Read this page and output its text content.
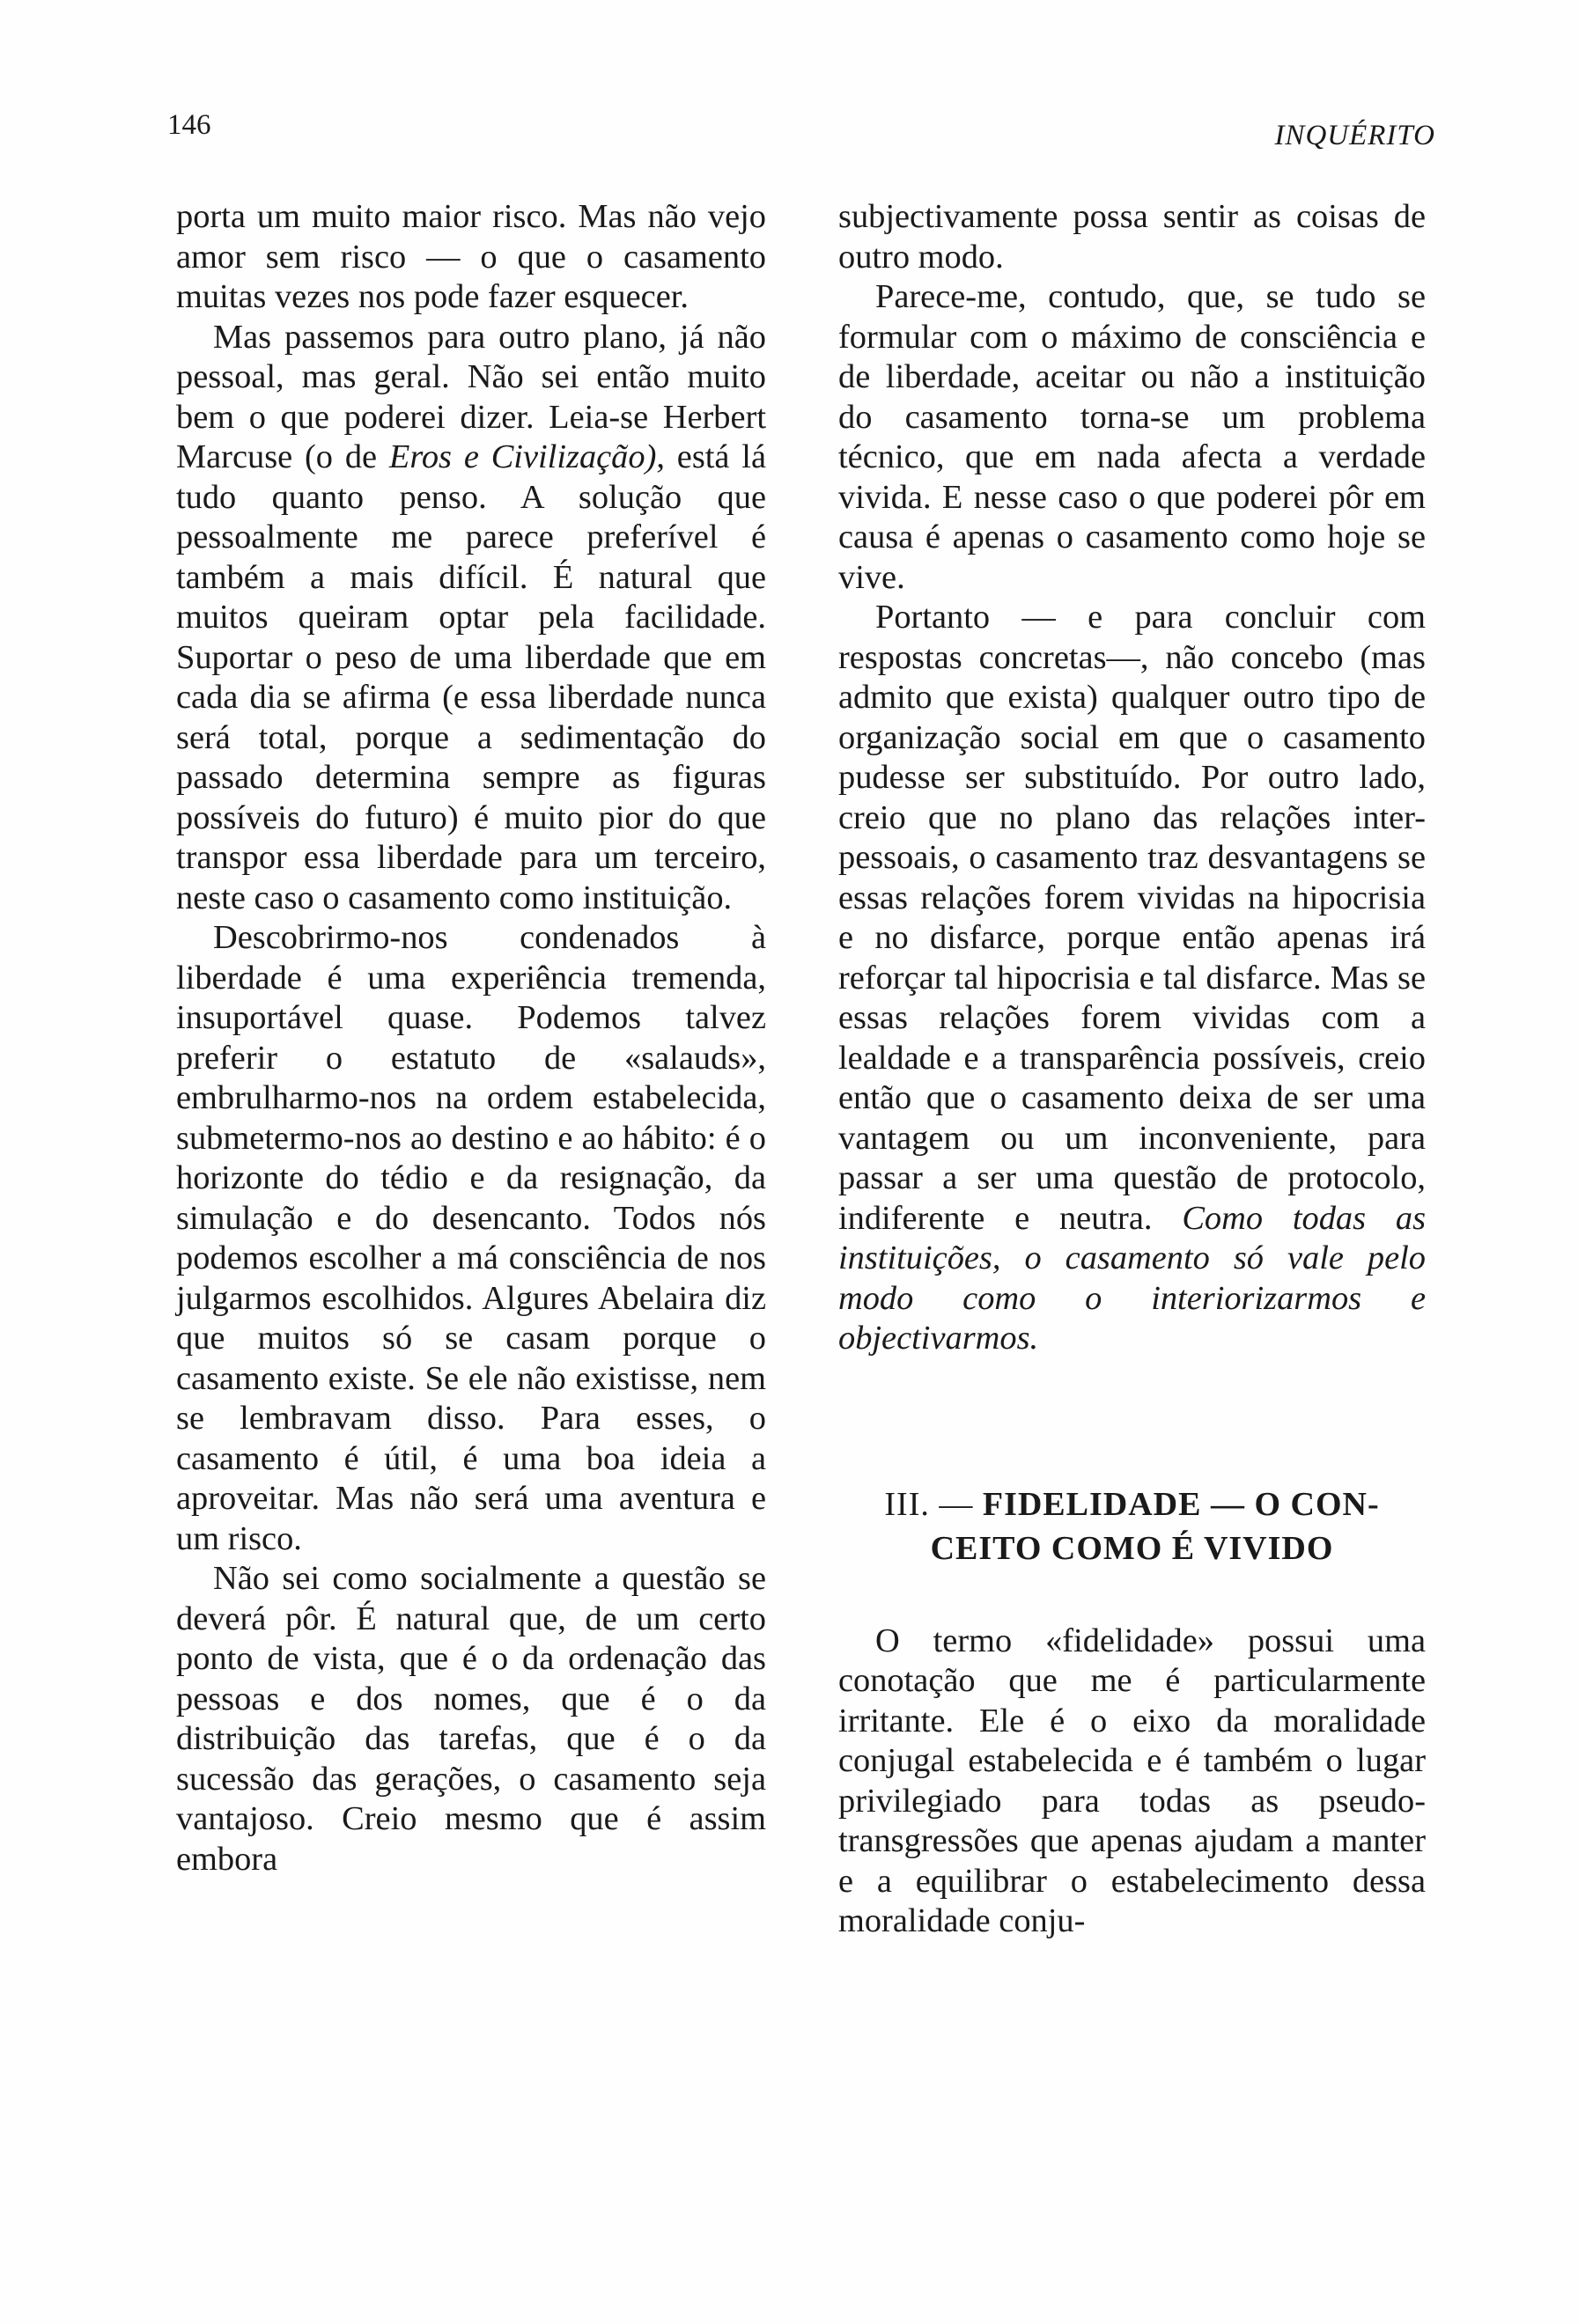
146	INQUÉRITO

porta um muito maior risco. Mas não vejo amor sem risco — o que o casamento muitas vezes nos pode fazer esquecer.

Mas passemos para outro plano, já não pessoal, mas geral. Não sei então muito bem o que poderei dizer. Leia-se Herbert Marcuse (o de Eros e Civilização), está lá tudo quanto penso. A solução que pessoalmente me parece preferível é também a mais difícil. É natural que muitos queiram optar pela facilidade. Suportar o peso de uma liberdade que em cada dia se afirma (e essa liberdade nunca será total, porque a sedimentação do passado determina sempre as figuras possíveis do futuro) é muito pior do que transpor essa liberdade para um terceiro, neste caso o casamento como instituição.

Descobrirmo-nos condenados à liberdade é uma experiência tremenda, insuportável quase. Podemos talvez preferir o estatuto de «salauds», embrulharmo-nos na ordem estabelecida, submetermo-nos ao destino e ao hábito: é o horizonte do tédio e da resignação, da simulação e do desencanto. Todos nós podemos escolher a má consciência de nos julgarmos escolhidos. Algures Abelaira diz que muitos só se casam porque o casamento existe. Se ele não existisse, nem se lembravam disso. Para esses, o casamento é útil, é uma boa ideia a aproveitar. Mas não será uma aventura e um risco.

Não sei como socialmente a questão se deverá pôr. É natural que, de um certo ponto de vista, que é o da ordenação das pessoas e dos nomes, que é o da distribuição das tarefas, que é o da sucessão das gerações, o casamento seja vantajoso. Creio mesmo que é assim embora

subjectivamente possa sentir as coisas de outro modo.

Parece-me, contudo, que, se tudo se formular com o máximo de consciência e de liberdade, aceitar ou não a instituição do casamento torna-se um problema técnico, que em nada afecta a verdade vivida. E nesse caso o que poderei pôr em causa é apenas o casamento como hoje se vive.

Portanto — e para concluir com respostas concretas—, não concebo (mas admito que exista) qualquer outro tipo de organização social em que o casamento pudesse ser substituído. Por outro lado, creio que no plano das relações inter-pessoais, o casamento traz desvantagens se essas relações forem vividas na hipocrisia e no disfarce, porque então apenas irá reforçar tal hipocrisia e tal disfarce. Mas se essas relações forem vividas com a lealdade e a transparência possíveis, creio então que o casamento deixa de ser uma vantagem ou um inconveniente, para passar a ser uma questão de protocolo, indiferente e neutra. Como todas as instituições, o casamento só vale pelo modo como o interiorizarmos e objectivarmos.

III. — FIDELIDADE — O CON-
CEITO COMO É VIVIDO

O termo «fidelidade» possui uma conotação que me é particularmente irritante. Ele é o eixo da moralidade conjugal estabelecida e é também o lugar privilegiado para todas as pseudo-transgressões que apenas ajudam a manter e a equilibrar o estabelecimento dessa moralidade conju-
